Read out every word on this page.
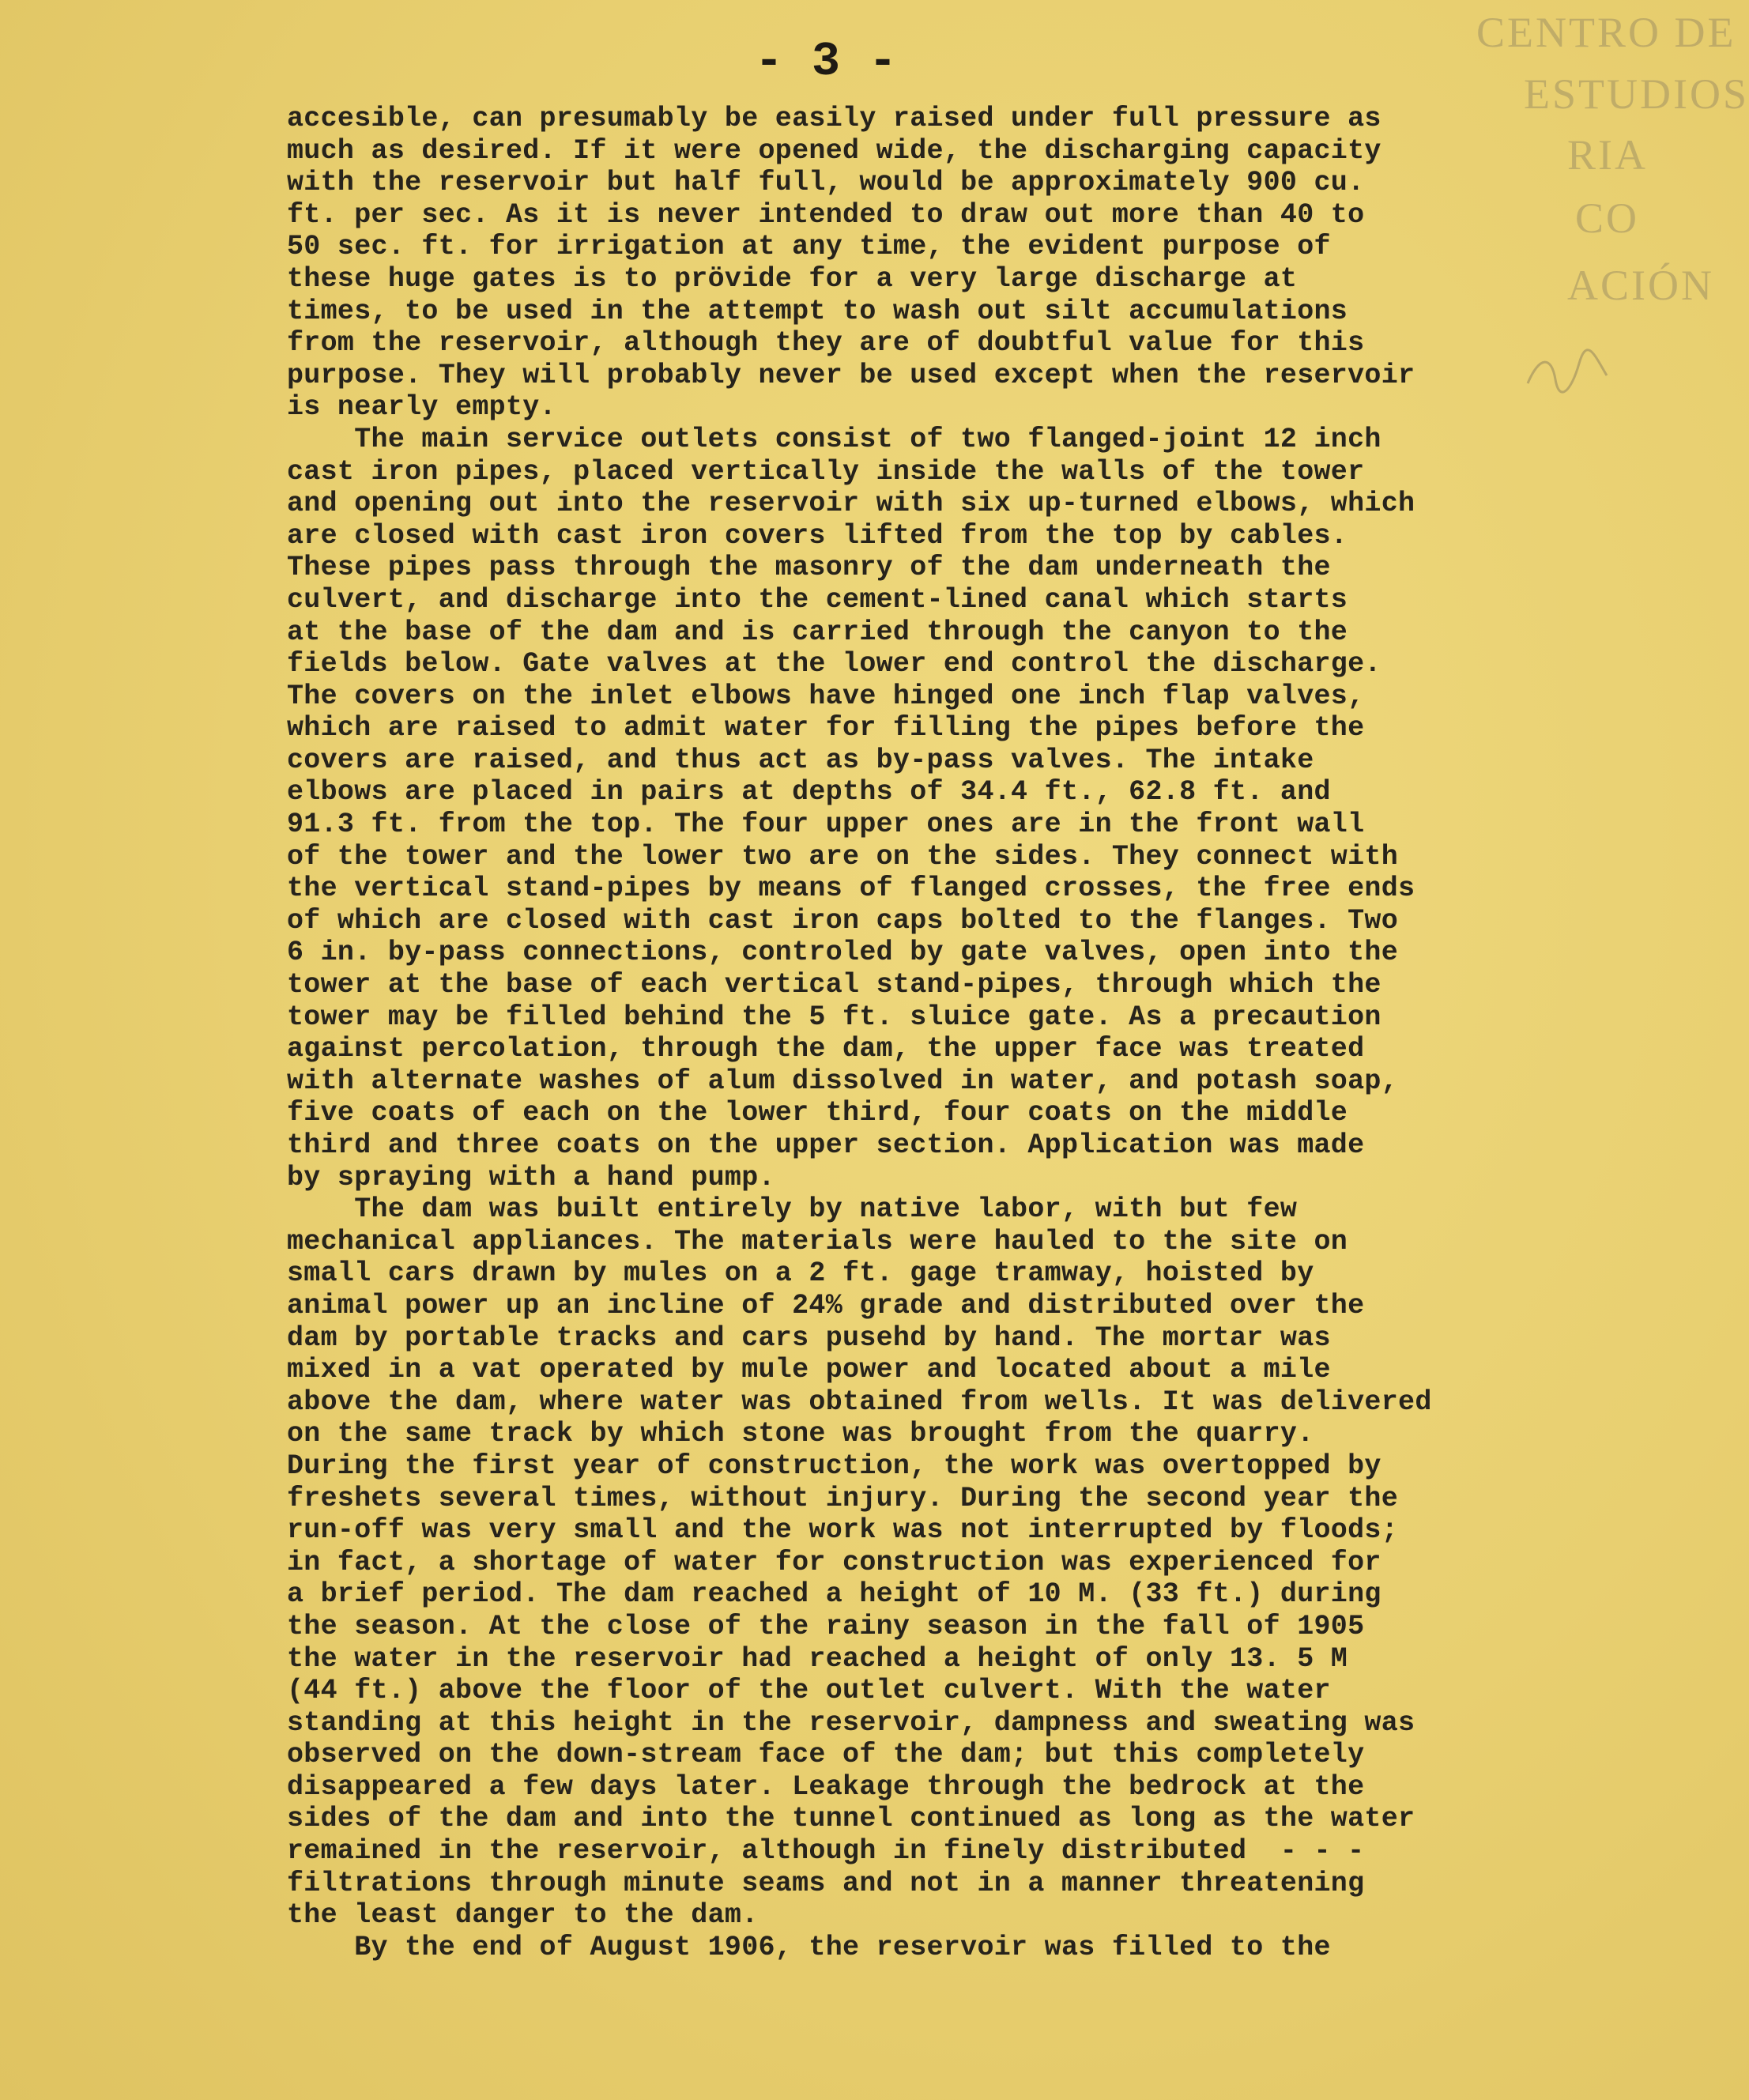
- 3 -
CENTRO DE
ESTUDIOS
RIA
CO
ACIÓN
accesible, can presumably be easily raised under full pressure as
much as desired. If it were opened wide, the discharging capacity
with the reservoir but half full, would be approximately 900 cu.
ft. per sec. As it is never intended to draw out more than 40 to
50 sec. ft. for irrigation at any time, the evident purpose of
these huge gates is to prövide for a very large discharge at
times, to be used in the attempt to wash out silt accumulations
from the reservoir, although they are of doubtful value for this
purpose. They will probably never be used except when the reservoir
is nearly empty.
The main service outlets consist of two flanged-joint 12 inch
cast iron pipes, placed vertically inside the walls of the tower
and opening out into the reservoir with six up-turned elbows, which
are closed with cast iron covers lifted from the top by cables.
These pipes pass through the masonry of the dam underneath the
culvert, and discharge into the cement-lined canal which starts
at the base of the dam and is carried through the canyon to the
fields below. Gate valves at the lower end control the discharge.
The covers on the inlet elbows have hinged one inch flap valves,
which are raised to admit water for filling the pipes before the
covers are raised, and thus act as by-pass valves. The intake
elbows are placed in pairs at depths of 34.4 ft., 62.8 ft. and
91.3 ft. from the top. The four upper ones are in the front wall
of the tower and the lower two are on the sides. They connect with
the vertical stand-pipes by means of flanged crosses, the free ends
of which are closed with cast iron caps bolted to the flanges. Two
6 in. by-pass connections, controled by gate valves, open into the
tower at the base of each vertical stand-pipes, through which the
tower may be filled behind the 5 ft. sluice gate. As a precaution
against percolation, through the dam, the upper face was treated
with alternate washes of alum dissolved in water, and potash soap,
five coats of each on the lower third, four coats on the middle
third and three coats on the upper section. Application was made
by spraying with a hand pump.
The dam was built entirely by native labor, with but few
mechanical appliances. The materials were hauled to the site on
small cars drawn by mules on a 2 ft. gage tramway, hoisted by
animal power up an incline of 24% grade and distributed over the
dam by portable tracks and cars pusehd by hand. The mortar was
mixed in a vat operated by mule power and located about a mile
above the dam, where water was obtained from wells. It was delivered
on the same track by which stone was brought from the quarry.
During the first year of construction, the work was overtopped by
freshets several times, without injury. During the second year the
run-off was very small and the work was not interrupted by floods;
in fact, a shortage of water for construction was experienced for
a brief period. The dam reached a height of 10 M. (33 ft.) during
the season. At the close of the rainy season in the fall of 1905
the water in the reservoir had reached a height of only 13. 5 M
(44 ft.) above the floor of the outlet culvert. With the water
standing at this height in the reservoir, dampness and sweating was
observed on the down-stream face of the dam; but this completely
disappeared a few days later. Leakage through the bedrock at the
sides of the dam and into the tunnel continued as long as the water
remained in the reservoir, although in finely distributed  - - -
filtrations through minute seams and not in a manner threatening
the least danger to the dam.
By the end of August 1906, the reservoir was filled to the
